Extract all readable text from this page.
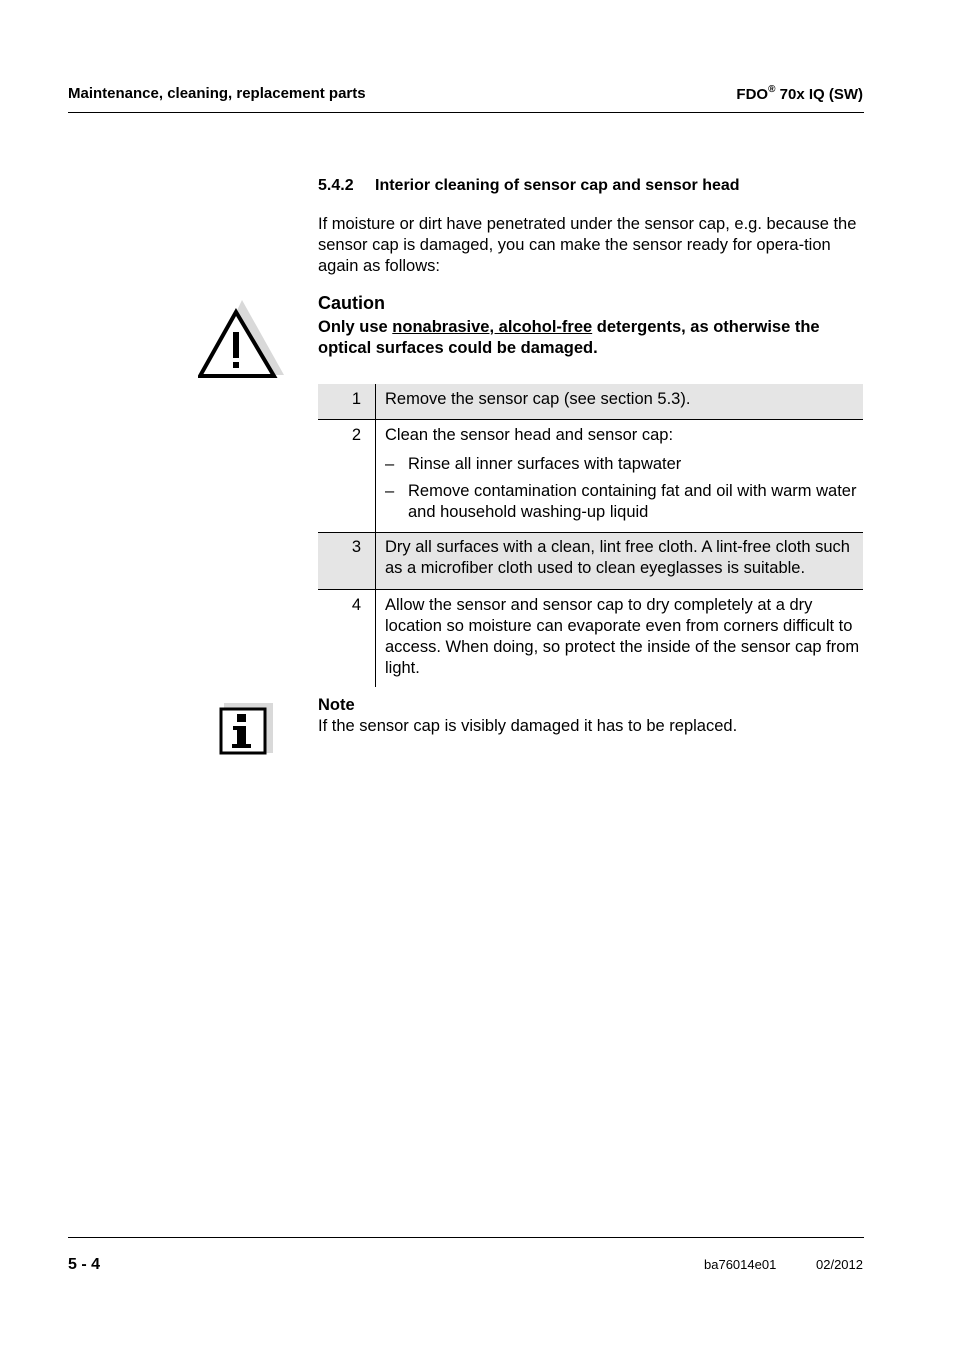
Maintenance, cleaning, replacement parts	FDO® 70x IQ (SW)
5.4.2 Interior cleaning of sensor cap and sensor head
If moisture or dirt have penetrated under the sensor cap, e.g. because the sensor cap is damaged, you can make the sensor ready for opera-tion again as follows:
Caution
Only use nonabrasive, alcohol-free detergents, as otherwise the optical surfaces could be damaged.
1	Remove the sensor cap (see section 5.3).
2	Clean the sensor head and sensor cap:
– Rinse all inner surfaces with tapwater
– Remove contamination containing fat and oil with warm water and household washing-up liquid

3	Dry all surfaces with a clean, lint free cloth. A lint-free cloth such as a microfiber cloth used to clean eyeglasses is suitable.
4	Allow the sensor and sensor cap to dry completely at a dry location so moisture can evaporate even from corners difficult to access. When doing, so protect the inside of the sensor cap from light.
Note
If the sensor cap is visibly damaged it has to be replaced.
5 - 4	ba76014e01	02/2012
